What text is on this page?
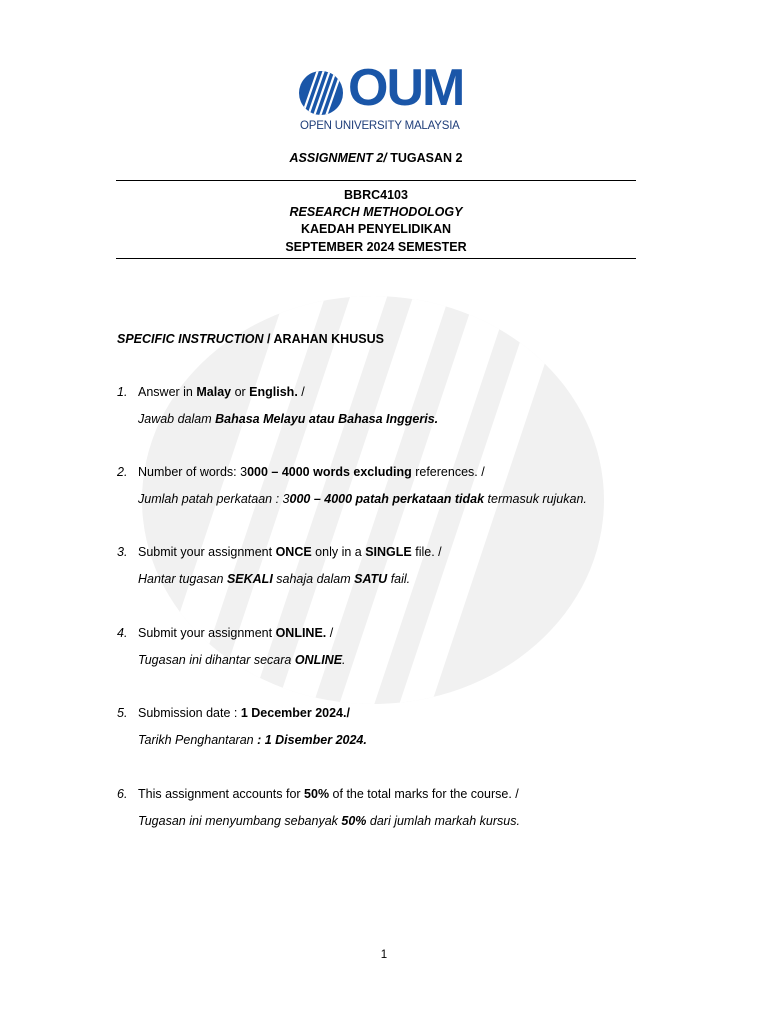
OUM
OPEN UNIVERSITY MALAYSIA
ASSIGNMENT 2/ TUGASAN 2
BBRC4103
RESEARCH METHODOLOGY
KAEDAH PENYELIDIKAN
SEPTEMBER 2024 SEMESTER
SPECIFIC INSTRUCTION / ARAHAN KHUSUS
1. Answer in Malay or English. /
Jawab dalam Bahasa Melayu atau Bahasa Inggeris.
2. Number of words: 3000 – 4000 words excluding references. /
Jumlah patah perkataan : 3000 – 4000 patah perkataan tidak termasuk rujukan.
3. Submit your assignment ONCE only in a SINGLE file. /
Hantar tugasan SEKALI sahaja dalam SATU fail.
4. Submit your assignment ONLINE. /
Tugasan ini dihantar secara ONLINE.
5. Submission date : 1 December 2024./
Tarikh Penghantaran : 1 Disember 2024.
6. This assignment accounts for 50% of the total marks for the course. /
Tugasan ini menyumbang sebanyak 50% dari jumlah markah kursus.
1
